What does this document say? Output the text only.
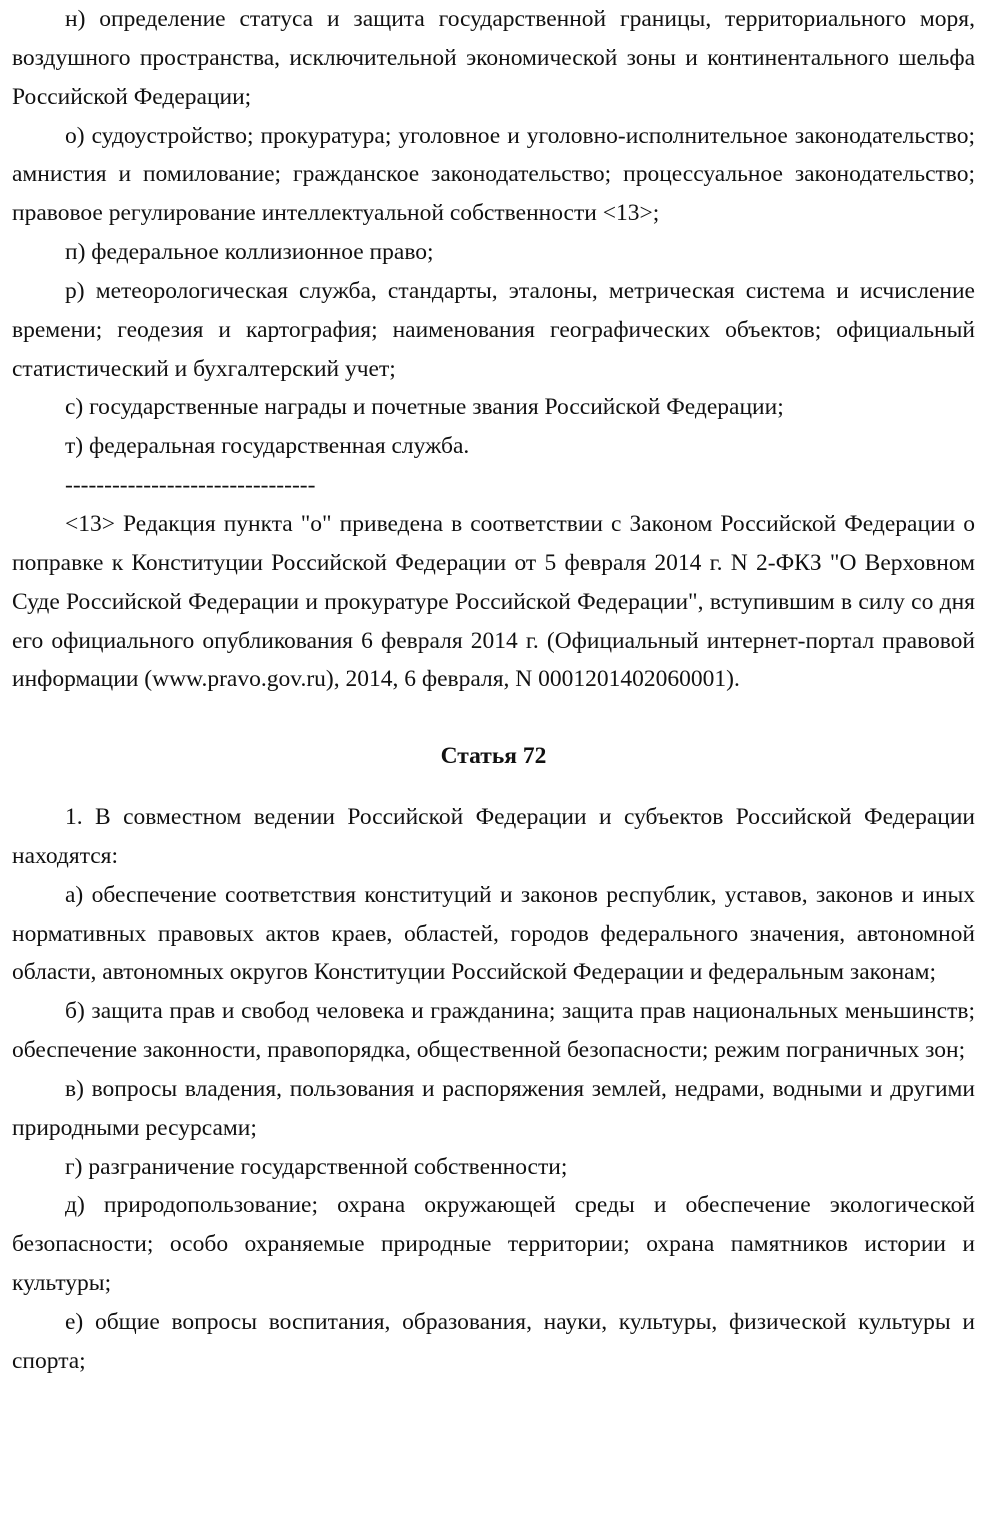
н) определение статуса и защита государственной границы, территориального моря, воздушного пространства, исключительной экономической зоны и континентального шельфа Российской Федерации;

о) судоустройство; прокуратура; уголовное и уголовно-исполнительное законодательство; амнистия и помилование; гражданское законодательство; процессуальное законодательство; правовое регулирование интеллектуальной собственности <13>;

п) федеральное коллизионное право;

р) метеорологическая служба, стандарты, эталоны, метрическая система и исчисление времени; геодезия и картография; наименования географических объектов; официальный статистический и бухгалтерский учет;

с) государственные награды и почетные звания Российской Федерации;

т) федеральная государственная служба.

--------------------------------

<13> Редакция пункта "о" приведена в соответствии с Законом Российской Федерации о поправке к Конституции Российской Федерации от 5 февраля 2014 г. N 2-ФКЗ "О Верховном Суде Российской Федерации и прокуратуре Российской Федерации", вступившим в силу со дня его официального опубликования 6 февраля 2014 г. (Официальный интернет-портал правовой информации (www.pravo.gov.ru), 2014, 6 февраля, N 0001201402060001).

Статья 72

1. В совместном ведении Российской Федерации и субъектов Российской Федерации находятся:

а) обеспечение соответствия конституций и законов республик, уставов, законов и иных нормативных правовых актов краев, областей, городов федерального значения, автономной области, автономных округов Конституции Российской Федерации и федеральным законам;

б) защита прав и свобод человека и гражданина; защита прав национальных меньшинств; обеспечение законности, правопорядка, общественной безопасности; режим пограничных зон;

в) вопросы владения, пользования и распоряжения землей, недрами, водными и другими природными ресурсами;

г) разграничение государственной собственности;

д) природопользование; охрана окружающей среды и обеспечение экологической безопасности; особо охраняемые природные территории; охрана памятников истории и культуры;

е) общие вопросы воспитания, образования, науки, культуры, физической культуры и спорта;
